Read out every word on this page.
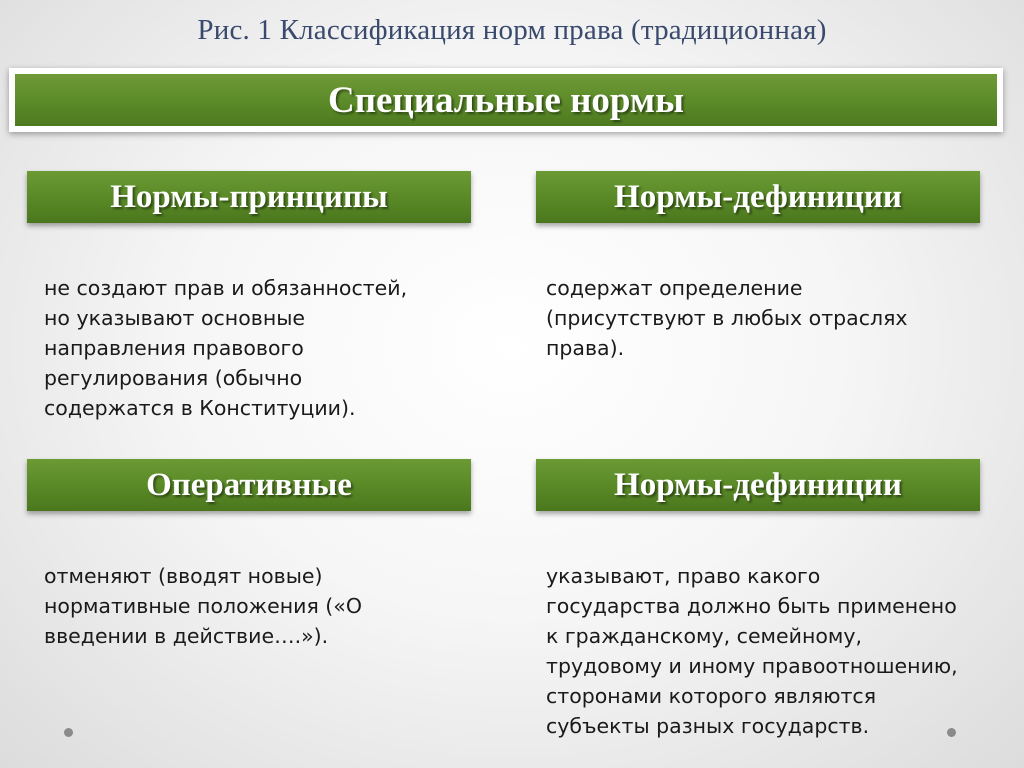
Рис. 1 Классификация норм права (традиционная)
Специальные нормы
Нормы-принципы
не создают прав и обязанностей,
но указывают основные
направления правового
регулирования (обычно
содержатся в Конституции).
Нормы-дефиниции
содержат определение
(присутствуют в любых отраслях
права).
Оперативные
отменяют (вводят новые)
нормативные положения («О
введении в действие….»).
Нормы-дефиниции
указывают, право какого
государства должно быть применено
к гражданскому, семейному,
трудовому и иному правоотношению,
сторонами которого являются
субъекты разных государств.
